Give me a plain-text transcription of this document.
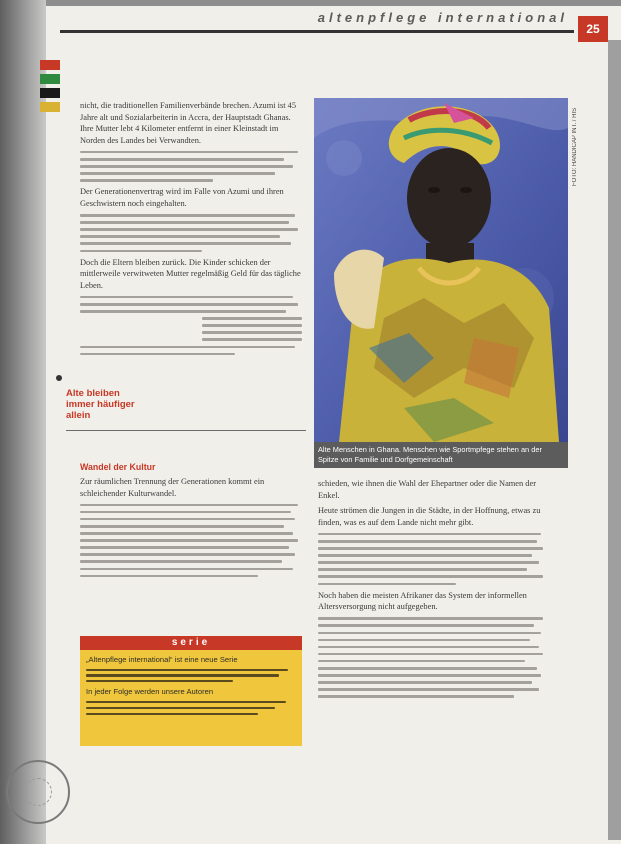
altenpflege international
25
FOTO: HANDICAP INT. / HIS
Alte Menschen in Ghana. Menschen wie Sportmpfege stehen an der Spitze von Familie und Dorfgemeinschaft

nicht, die traditionellen Familienverbände brechen. Azumi ist 45 Jahre alt und Sozialarbeiterin in Accra, der Hauptstadt Ghanas. Ihre Mutter lebt 4 Kilometer entfernt in einer Kleinstadt im Norden des Landes bei Verwandten.

Der Generationenvertrag wird im Falle von Azumi und ihren Geschwistern noch eingehalten.

Doch die Eltern bleiben zurück. Die Kinder schicken der mittlerweile verwitweten Mutter regelmäßig Geld für das tägliche Leben.

Alte bleiben immer häufiger allein
Wandel der Kultur

Zur räumlichen Trennung der Generationen kommt ein schleichender Kulturwandel.

serie

„Altenpflege international“ ist eine neue Serie

In jeder Folge werden unsere Autoren

schieden, wie ihnen die Wahl der Ehepartner oder die Namen der Enkel.

Heute strömen die Jungen in die Städte, in der Hoffnung, etwas zu finden, was es auf dem Lande nicht mehr gibt.

Noch haben die meisten Afrikaner das System der informellen Altersversorgung nicht aufgegeben.
